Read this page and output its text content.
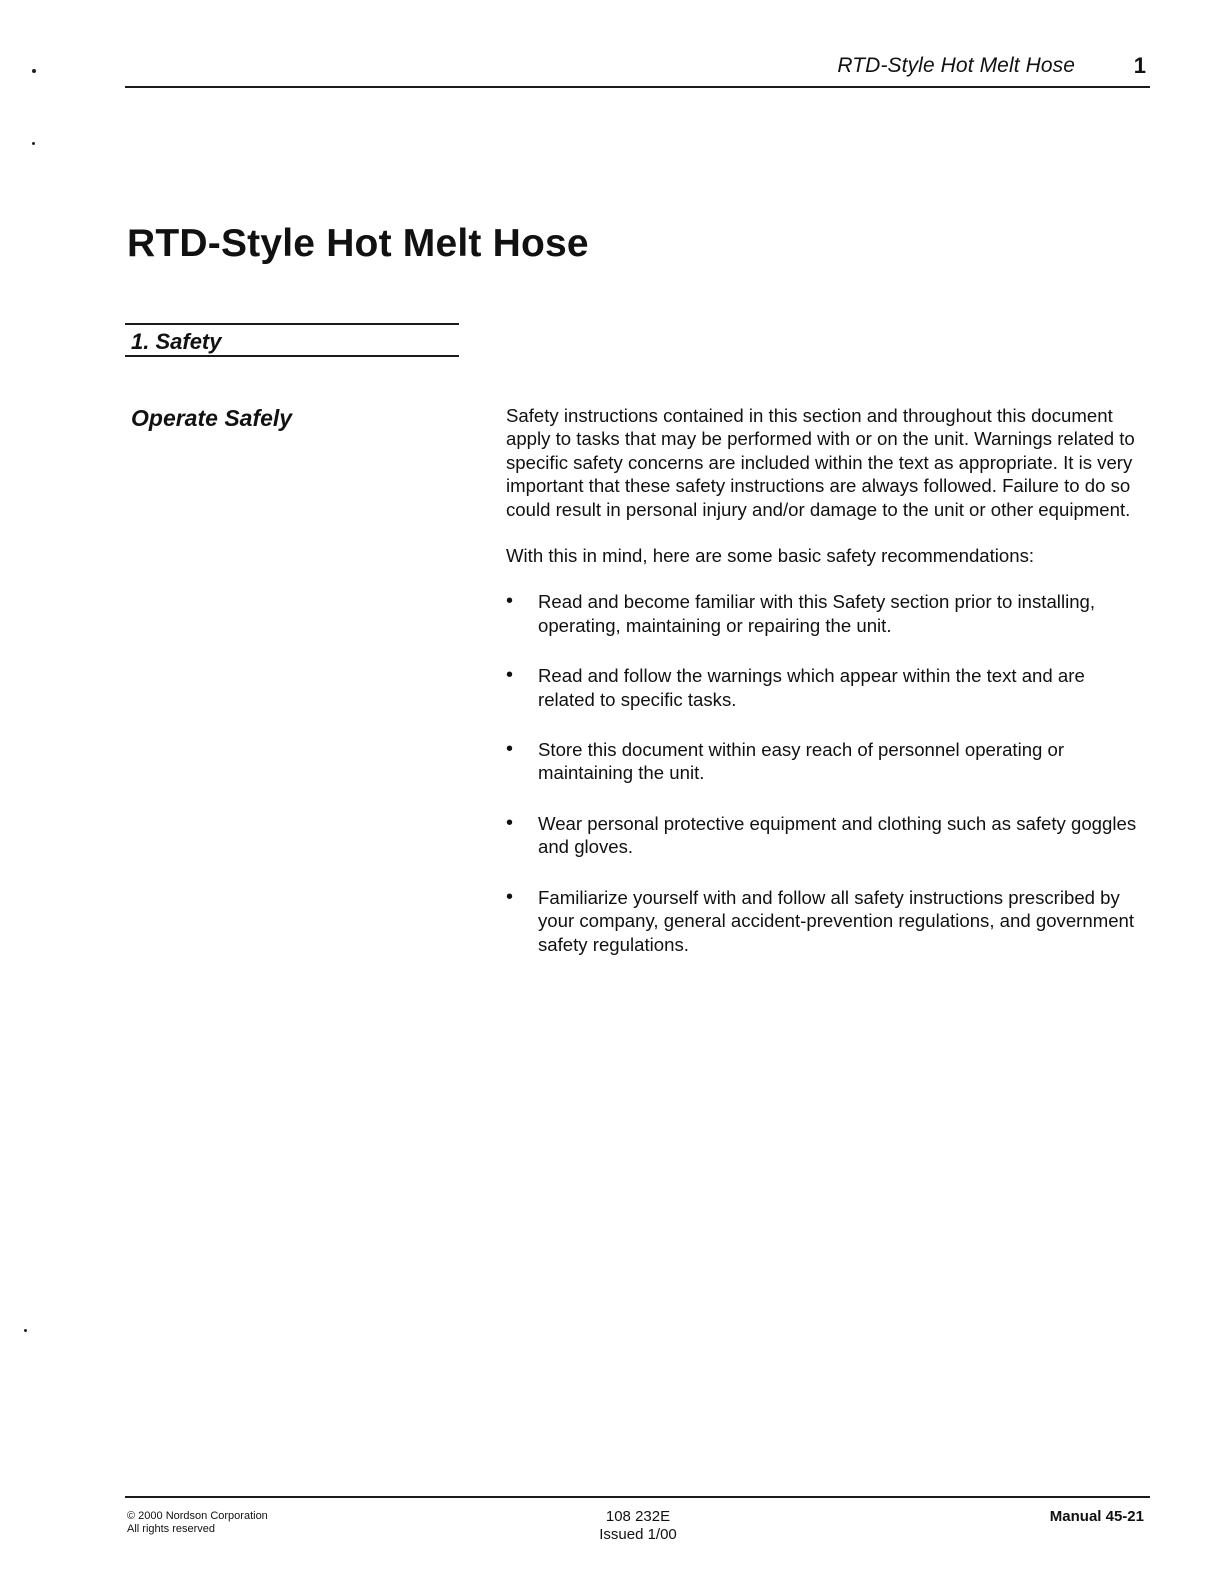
RTD-Style Hot Melt Hose	1
RTD-Style Hot Melt Hose
1. Safety
Operate Safely	Safety instructions contained in this section and throughout this document apply to tasks that may be performed with or on the unit. Warnings related to specific safety concerns are included within the text as appropriate. It is very important that these safety instructions are always followed. Failure to do so could result in personal injury and/or damage to the unit or other equipment.

With this in mind, here are some basic safety recommendations:

•	Read and become familiar with this Safety section prior to installing, operating, maintaining or repairing the unit.
•	Read and follow the warnings which appear within the text and are related to specific tasks.
•	Store this document within easy reach of personnel operating or maintaining the unit.
•	Wear personal protective equipment and clothing such as safety goggles and gloves.
•	Familiarize yourself with and follow all safety instructions prescribed by your company, general accident-prevention regulations, and government safety regulations.
© 2000 Nordson Corporation
All rights reserved
108 232E
Issued 1/00
Manual 45-21
